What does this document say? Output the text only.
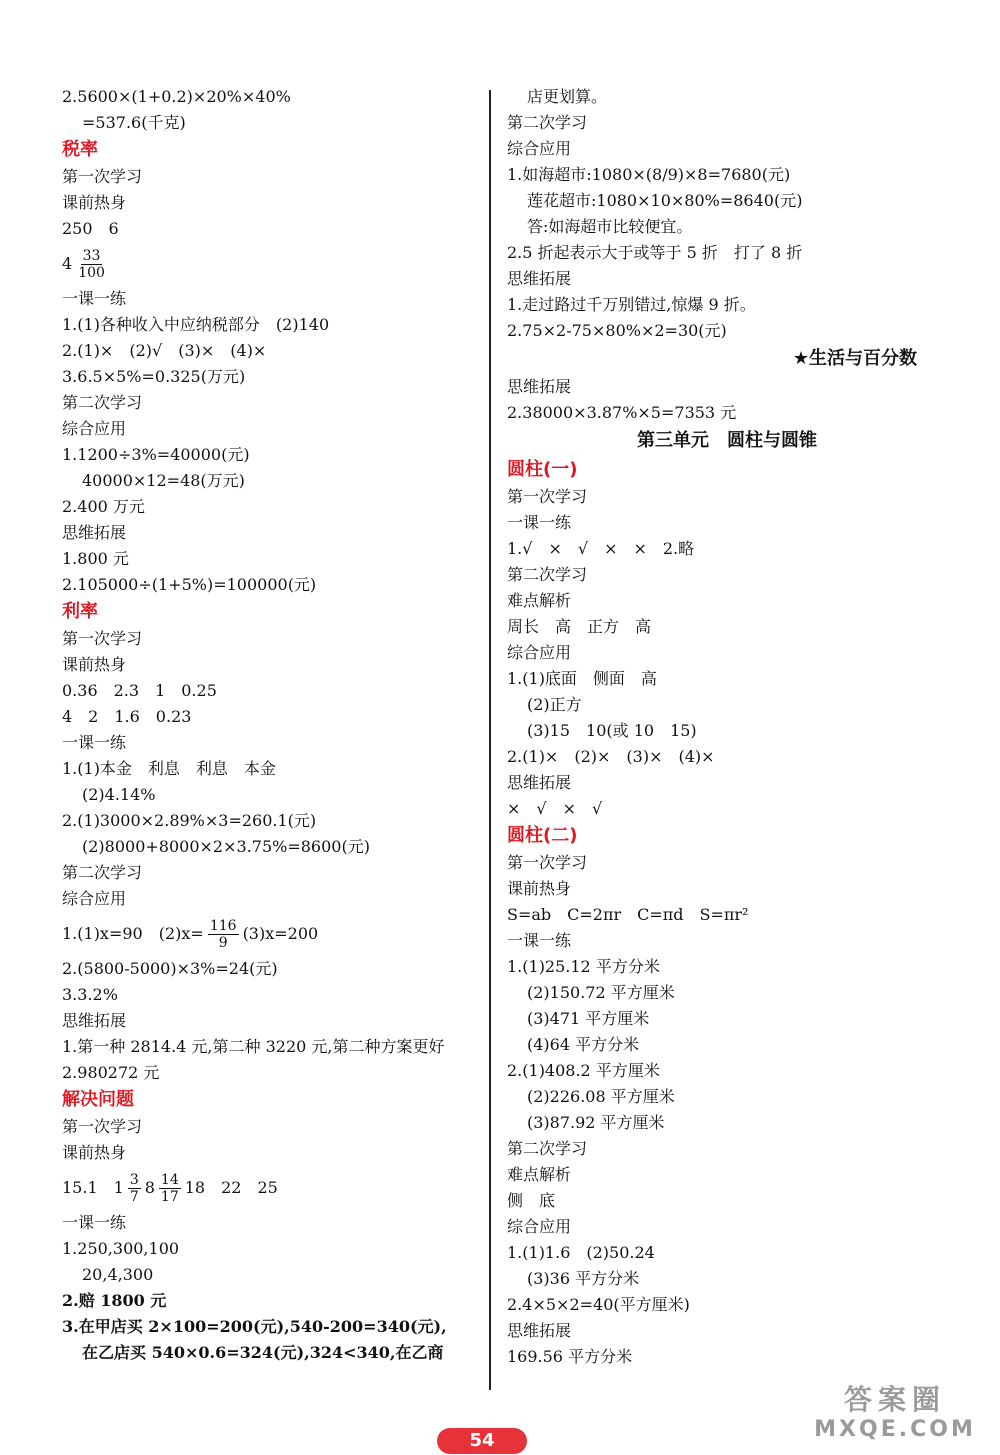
2.5600×(1+0.2)×20%×40%
=537.6(千克)
税率
第一次学习
课前热身
250　6
$4 \frac{33}{100}$
一课一练
1.(1)各种收入中应纳税部分　(2)140
2.(1)×　(2)√　(3)×　(4)×
3.6.5×5%=0.325(万元)
第二次学习
综合应用
1.1200÷3%=40000(元)
40000×12=48(万元)
2.400 万元
思维拓展
1.800 元
2.105000÷(1+5%)=100000(元)
利率
第一次学习
课前热身
0.36　2.3　1　0.25
4　2　1.6　0.23
一课一练
1.(1)本金　利息　利息　本金
(2)4.14%
2.(1)3000×2.89%×3=260.1(元)
(2)8000+8000×2×3.75%=8600(元)
第二次学习
综合应用
1.(1)x=90　$(2)x= \frac{116}{9} (3)x=200$
2.(5800-5000)×3%=24(元)
3.3.2%
思维拓展
1.第一种 2814.4 元,第二种 3220 元,第二种方案更好
2.980272 元
解决问题
第一次学习
课前热身
15.1　$1 \frac{3}{7} 8 \frac{14}{17} 18$　22　25
一课一练
1.250,300,100
20,4,300
2.赔 1800 元
3.在甲店买 2×100=200(元),540-200=340(元),
在乙店买 540×0.6=324(元),324<340,在乙商
店更划算。
第二次学习
综合应用
1.如海超市:1080×(8/9)×8=7680(元)
莲花超市:1080×10×80%=8640(元)
答:如海超市比较便宜。
2.5 折起表示大于或等于 5 折　打了 8 折
思维拓展
1.走过路过千万别错过,惊爆 9 折。
2.75×2-75×80%×2=30(元)
★生活与百分数
思维拓展
2.38000×3.87%×5=7353 元
第三单元　圆柱与圆锥
圆柱(一)
第一次学习
一课一练
1.√　×　√　×　×　2.略
第二次学习
难点解析
周长　高　正方　高
综合应用
1.(1)底面　侧面　高
(2)正方
(3)15　10(或 10　15)
2.(1)×　(2)×　(3)×　(4)×
思维拓展
×　√　×　√
圆柱(二)
第一次学习
课前热身
S=ab　C=2πr　C=πd　S=πr²
一课一练
1.(1)25.12 平方分米
(2)150.72 平方厘米
(3)471 平方厘米
(4)64 平方分米
2.(1)408.2 平方厘米
(2)226.08 平方厘米
(3)87.92 平方厘米
第二次学习
难点解析
侧　底
综合应用
1.(1)1.6　(2)50.24
(3)36 平方分米
2.4×5×2=40(平方厘米)
思维拓展
169.56 平方分米
54
答案圈
MXQE.COM
